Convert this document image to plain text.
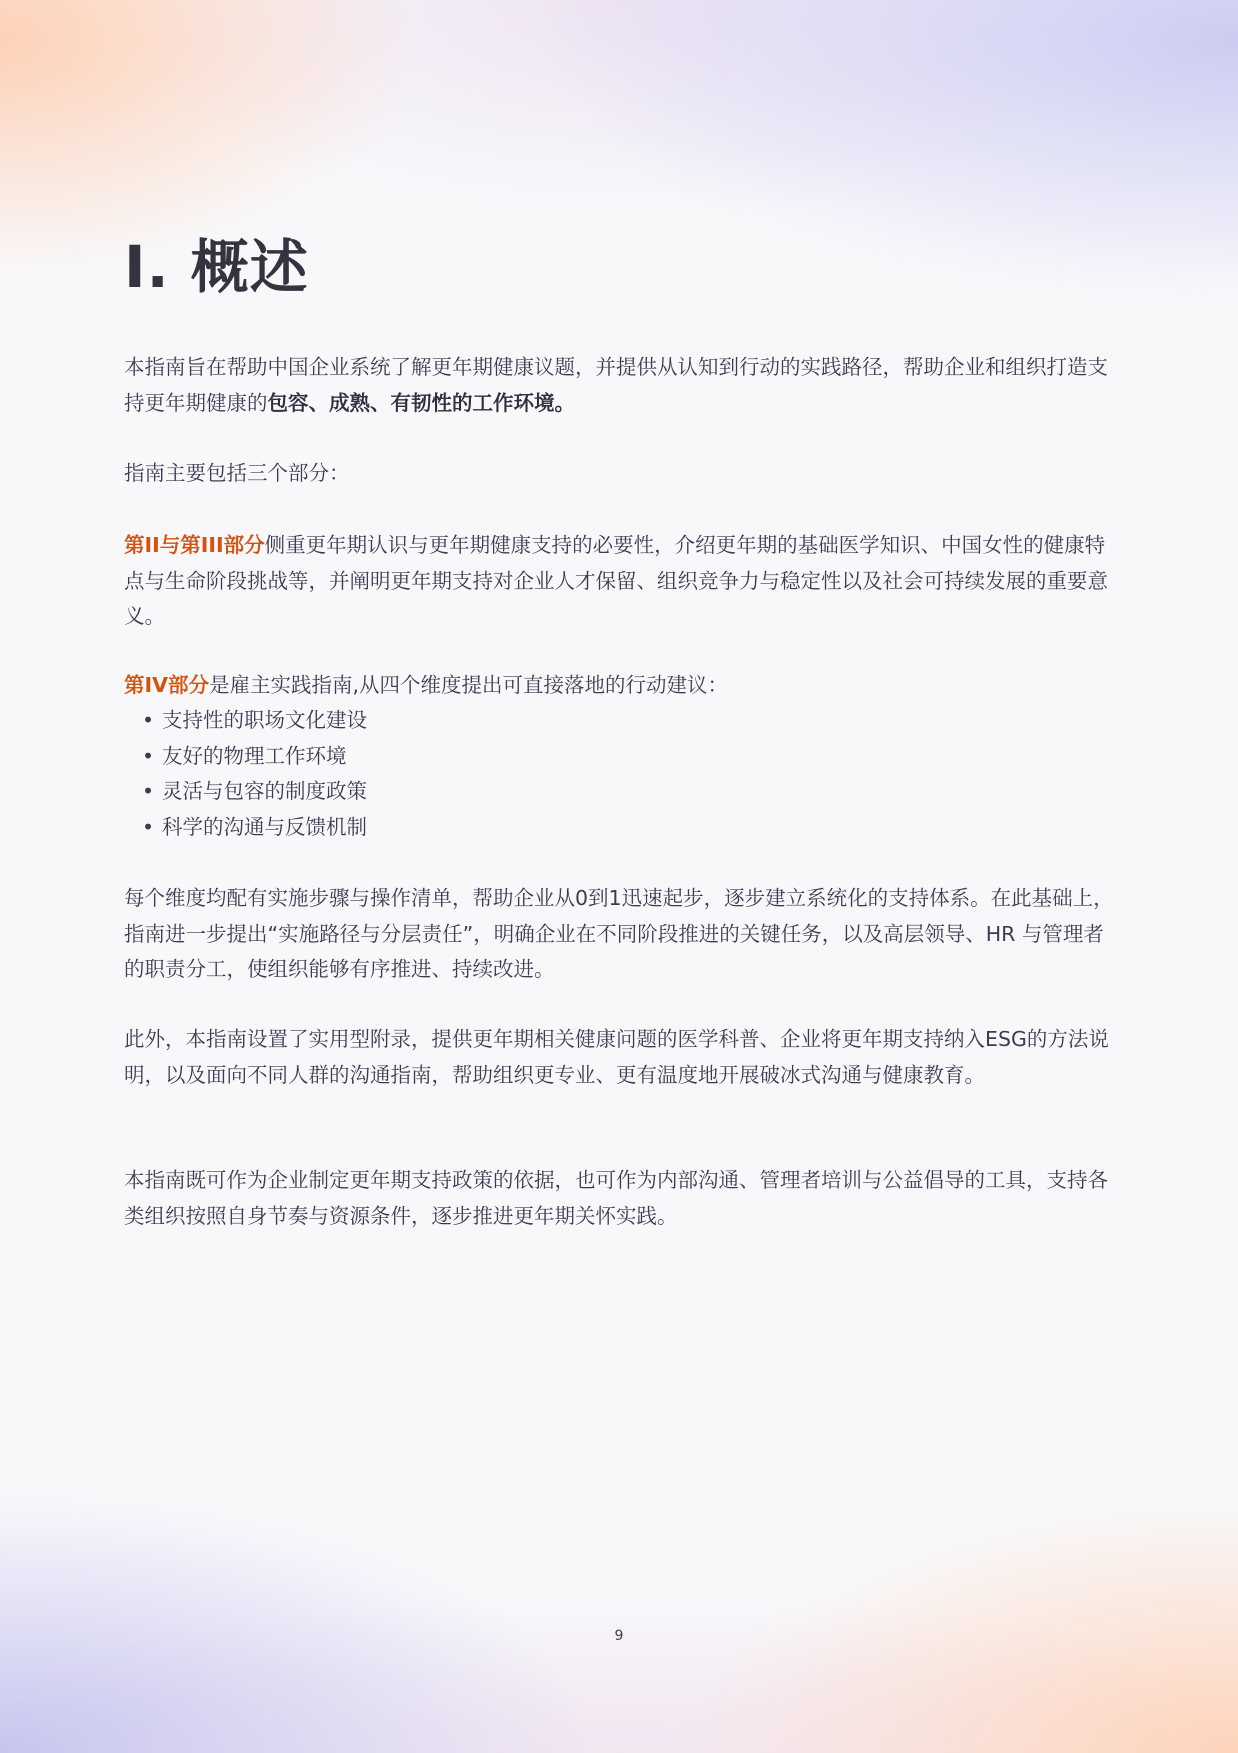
I. 概述

本指南旨在帮助中国企业系统了解更年期健康议题，并提供从认知到行动的实践路径，帮助企业和组织打造支持更年期健康的包容、成熟、有韧性的工作环境。

指南主要包括三个部分：

第II与第III部分侧重更年期认识与更年期健康支持的必要性，介绍更年期的基础医学知识、中国女性的健康特点与生命阶段挑战等，并阐明更年期支持对企业人才保留、组织竞争力与稳定性以及社会可持续发展的重要意义。

第IV部分是雇主实践指南,从四个维度提出可直接落地的行动建议：

• 支持性的职场文化建设
• 友好的物理工作环境
• 灵活与包容的制度政策
• 科学的沟通与反馈机制

每个维度均配有实施步骤与操作清单，帮助企业从0到1迅速起步，逐步建立系统化的支持体系。在此基础上，指南进一步提出“实施路径与分层责任”，明确企业在不同阶段推进的关键任务，以及高层领导、HR 与管理者的职责分工，使组织能够有序推进、持续改进。

此外，本指南设置了实用型附录，提供更年期相关健康问题的医学科普、企业将更年期支持纳入ESG的方法说明，以及面向不同人群的沟通指南，帮助组织更专业、更有温度地开展破冰式沟通与健康教育。

本指南既可作为企业制定更年期支持政策的依据，也可作为内部沟通、管理者培训与公益倡导的工具，支持各类组织按照自身节奏与资源条件，逐步推进更年期关怀实践。

9
